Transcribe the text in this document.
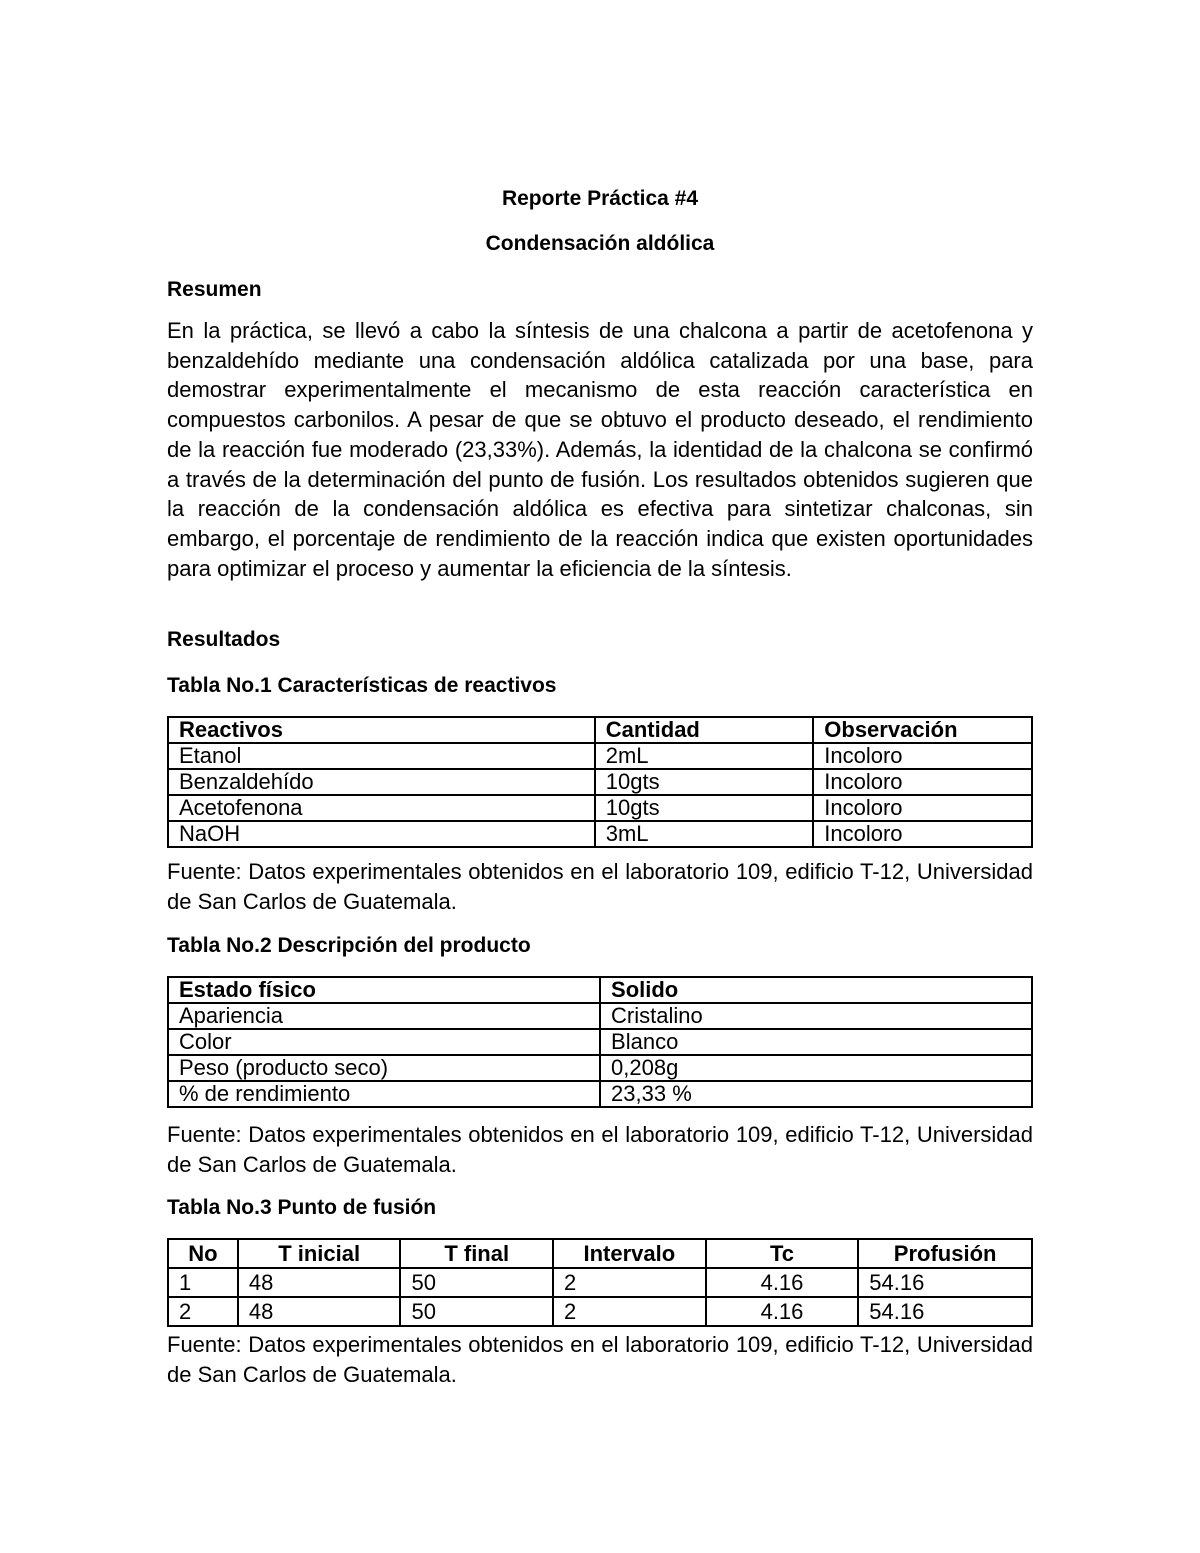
Reporte Práctica #4
Condensación aldólica
Resumen

En la práctica, se llevó a cabo la síntesis de una chalcona a partir de acetofenona y benzaldehído mediante una condensación aldólica catalizada por una base, para demostrar experimentalmente el mecanismo de esta reacción característica en compuestos carbonilos. A pesar de que se obtuvo el producto deseado, el rendimiento de la reacción fue moderado (23,33%). Además, la identidad de la chalcona se confirmó a través de la determinación del punto de fusión. Los resultados obtenidos sugieren que la reacción de la condensación aldólica es efectiva para sintetizar chalconas, sin embargo, el porcentaje de rendimiento de la reacción indica que existen oportunidades para optimizar el proceso y aumentar la eficiencia de la síntesis.

Resultados
Tabla No.1 Características de reactivos
Reactivos	Cantidad	Observación
Etanol	2mL	Incoloro
Benzaldehído	10gts	Incoloro
Acetofenona	10gts	Incoloro
NaOH	3mL	Incoloro
Fuente: Datos experimentales obtenidos en el laboratorio 109, edificio T-12, Universidad de San Carlos de Guatemala.
Tabla No.2 Descripción del producto
Estado físico	Solido
Apariencia	Cristalino
Color	Blanco
Peso (producto seco)	0,208g
% de rendimiento	23,33 %
Fuente: Datos experimentales obtenidos en el laboratorio 109, edificio T-12, Universidad de San Carlos de Guatemala.
Tabla No.3 Punto de fusión
No	T inicial	T final	Intervalo	Tc	Profusión
1	48	50	2	4.16	54.16
2	48	50	2	4.16	54.16
Fuente: Datos experimentales obtenidos en el laboratorio 109, edificio T-12, Universidad de San Carlos de Guatemala.
